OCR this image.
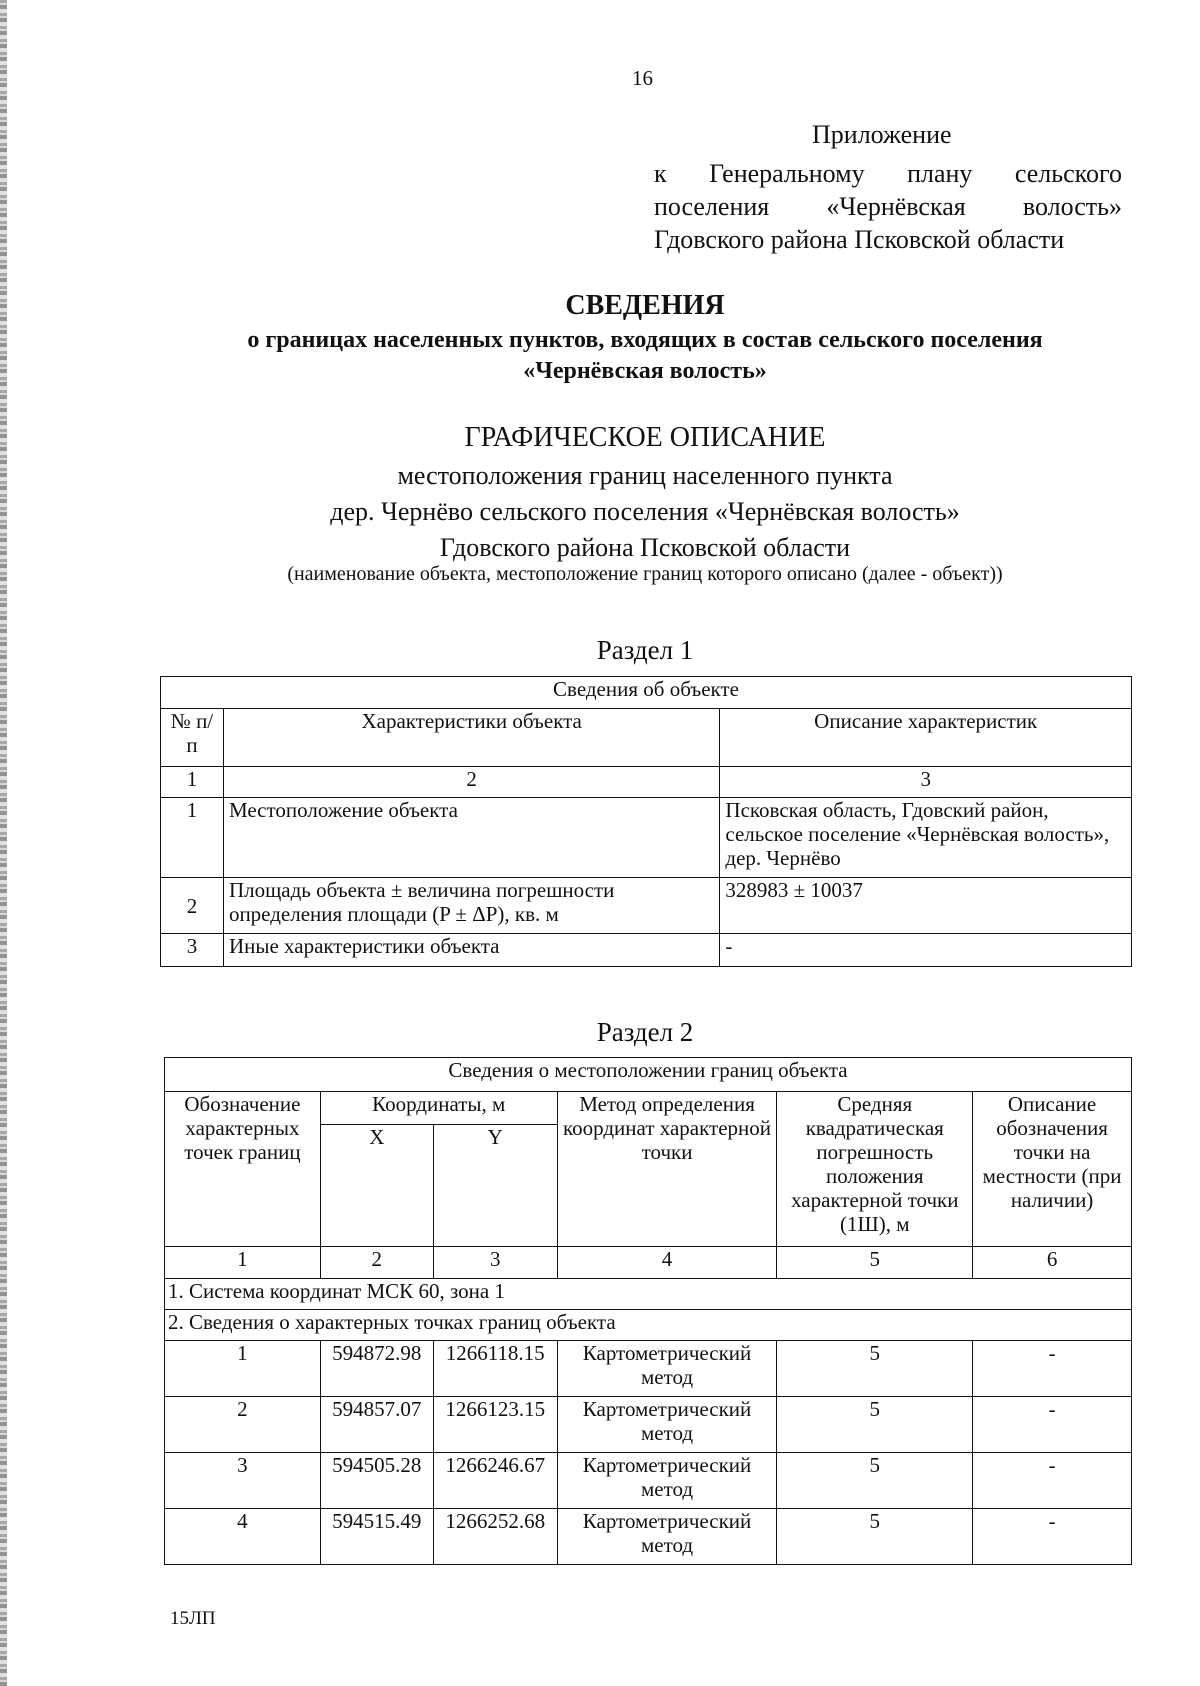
16
Приложение
к Генеральному плану сельского
поселения «Чернёвская волость»
Гдовского района Псковской области
СВЕДЕНИЯ
о границах населенных пунктов, входящих в состав сельского поселения
«Чернёвская волость»
ГРАФИЧЕСКОЕ ОПИСАНИЕ
местоположения границ населенного пункта
дер. Чернёво сельского поселения «Чернёвская волость»
Гдовского района Псковской области
(наименование объекта, местоположение границ которого описано (далее - объект))
Раздел 1
Сведения об объекте		
№ п/п	Характеристики объекта	Описание характеристик
1	2	3
1	Местоположение объекта	Псковская область, Гдовский район, сельское поселение «Чернёвская волость», дер. Чернёво
2	Площадь объекта ± величина погрешности определения площади (P ± ΔP), кв. м	328983 ± 10037
3	Иные характеристики объекта	-
Раздел 2
Сведения о местоположении границ объекта					
Обозначение характерных точек границ	Координаты, м		Метод определения координат характерной точки	Средняя квадратическая погрешность положения характерной точки (1Ш), м	Описание обозначения точки на местности (при наличии)
	X	Y			
1	2	3	4	5	6
1. Система координат МСК 60, зона 1					
2. Сведения о характерных точках границ объекта					
1	594872.98	1266118.15	Картометрический метод	5	-
2	594857.07	1266123.15	Картометрический метод	5	-
3	594505.28	1266246.67	Картометрический метод	5	-
4	594515.49	1266252.68	Картометрический метод	5	-
15ЛП
